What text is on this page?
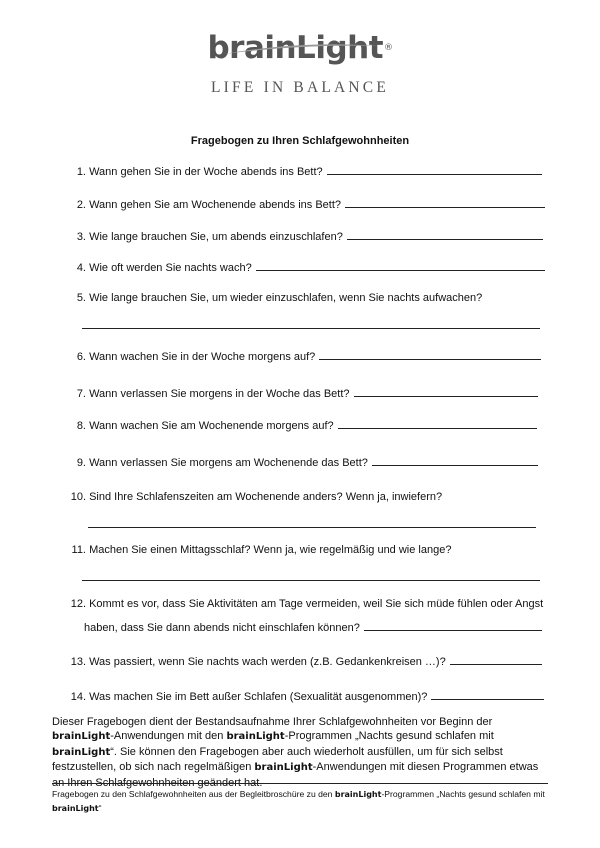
brainLight®
LIFE IN BALANCE
Fragebogen zu Ihren Schlafgewohnheiten
1.
Wann gehen Sie in der Woche abends ins Bett?
2.
Wann gehen Sie am Wochenende abends ins Bett?
3.
Wie lange brauchen Sie, um abends einzuschlafen?
4.
Wie oft werden Sie nachts wach?
5.
Wie lange brauchen Sie, um wieder einzuschlafen, wenn Sie nachts aufwachen?
6.
Wann wachen Sie in der Woche morgens auf?
7.
Wann verlassen Sie morgens in der Woche das Bett?
8.
Wann wachen Sie am Wochenende morgens auf?
9.
Wann verlassen Sie morgens am Wochenende das Bett?
10.
Sind Ihre Schlafenszeiten am Wochenende anders? Wenn ja, inwiefern?
11.
Machen Sie einen Mittagsschlaf? Wenn ja, wie regelmäßig und wie lange?
12.
Kommt es vor, dass Sie Aktivitäten am Tage vermeiden, weil Sie sich müde fühlen oder Angst
haben, dass Sie dann abends nicht einschlafen können?
13.
Was passiert, wenn Sie nachts wach werden (z.B. Gedankenkreisen …)?
14.
Was machen Sie im Bett außer Schlafen (Sexualität ausgenommen)?
Dieser Fragebogen dient der Bestandsaufnahme Ihrer Schlafgewohnheiten vor Beginn der brainLight-Anwendungen mit den brainLight-Programmen „Nachts gesund schlafen mit brainLight“. Sie können den Fragebogen aber auch wiederholt ausfüllen, um für sich selbst festzustellen, ob sich nach regelmäßigen brainLight-Anwendungen mit diesen Programmen etwas an Ihren Schlafgewohnheiten geändert hat.
Fragebogen zu den Schlafgewohnheiten aus der Begleitbroschüre zu den brainLight-Programmen „Nachts gesund schlafen mit brainLight“
